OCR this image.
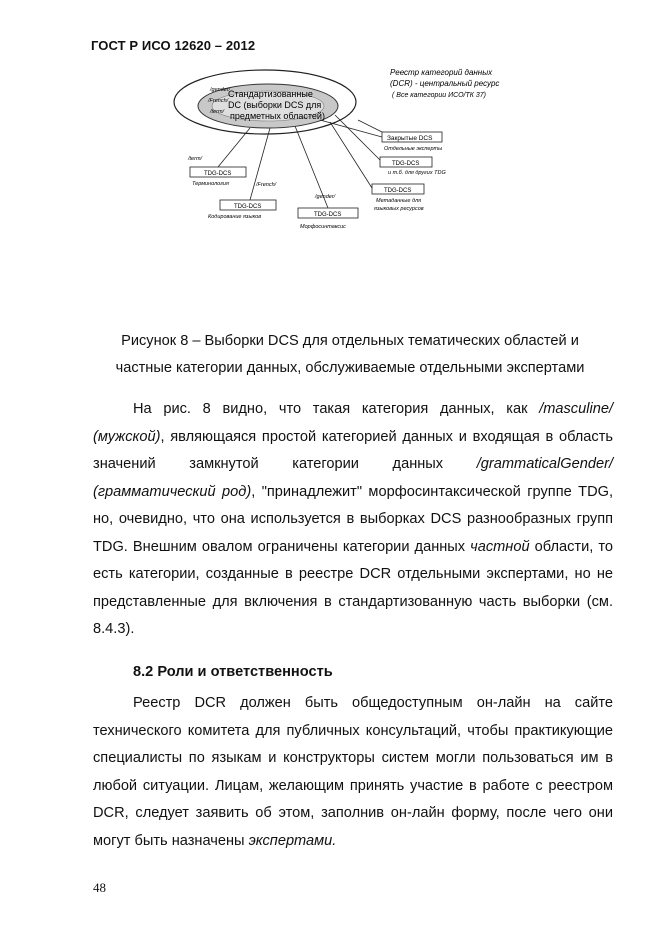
ГОСТ Р ИСО 12620 – 2012
Реестр категорий данных
(DCR) - центральный ресурс
( Все категории ИСО/ТК 37)
Стандартизованные
DC (выборки DCS для
предметных областей)
/gender/
/French/
/term/
Закрытые DCS
Отдельные эксперты
TDG-DCS
и т.б. для других TDG
TDG-DCS
Метаданные для
языковых ресурсов
/term/
TDG-DCS
Терминология	/French/
TDG-DCS
Кодирование языков
/gender/
TDG-DCS
Морфосинтаксис
Рисунок 8 – Выборки DCS для отдельных тематических областей и
частные категории данных, обслуживаемые отдельными экспертами

На рис. 8 видно, что такая категория данных, как /masculine/ (мужской), являющаяся простой категорией данных и входящая в область значений замкнутой категории данных /grammaticalGender/ (грамматический род), "принадлежит" морфосинтаксической группе TDG, но, очевидно, что она используется в выборках DCS разнообразных групп TDG. Внешним овалом ограничены категории данных частной области, то есть категории, созданные в реестре DCR отдельными экспертами, но не представленные для включения в стандартизованную часть выборки (см. 8.4.3).

8.2 Роли и ответственность

Реестр DCR должен быть общедоступным он-лайн на сайте технического комитета для публичных консультаций, чтобы практикующие специалисты по языкам и конструкторы систем могли пользоваться им в любой ситуации. Лицам, желающим принять участие в работе с реестром DCR, следует заявить об этом, заполнив он-лайн форму, после чего они могут быть назначены экспертами.

48
